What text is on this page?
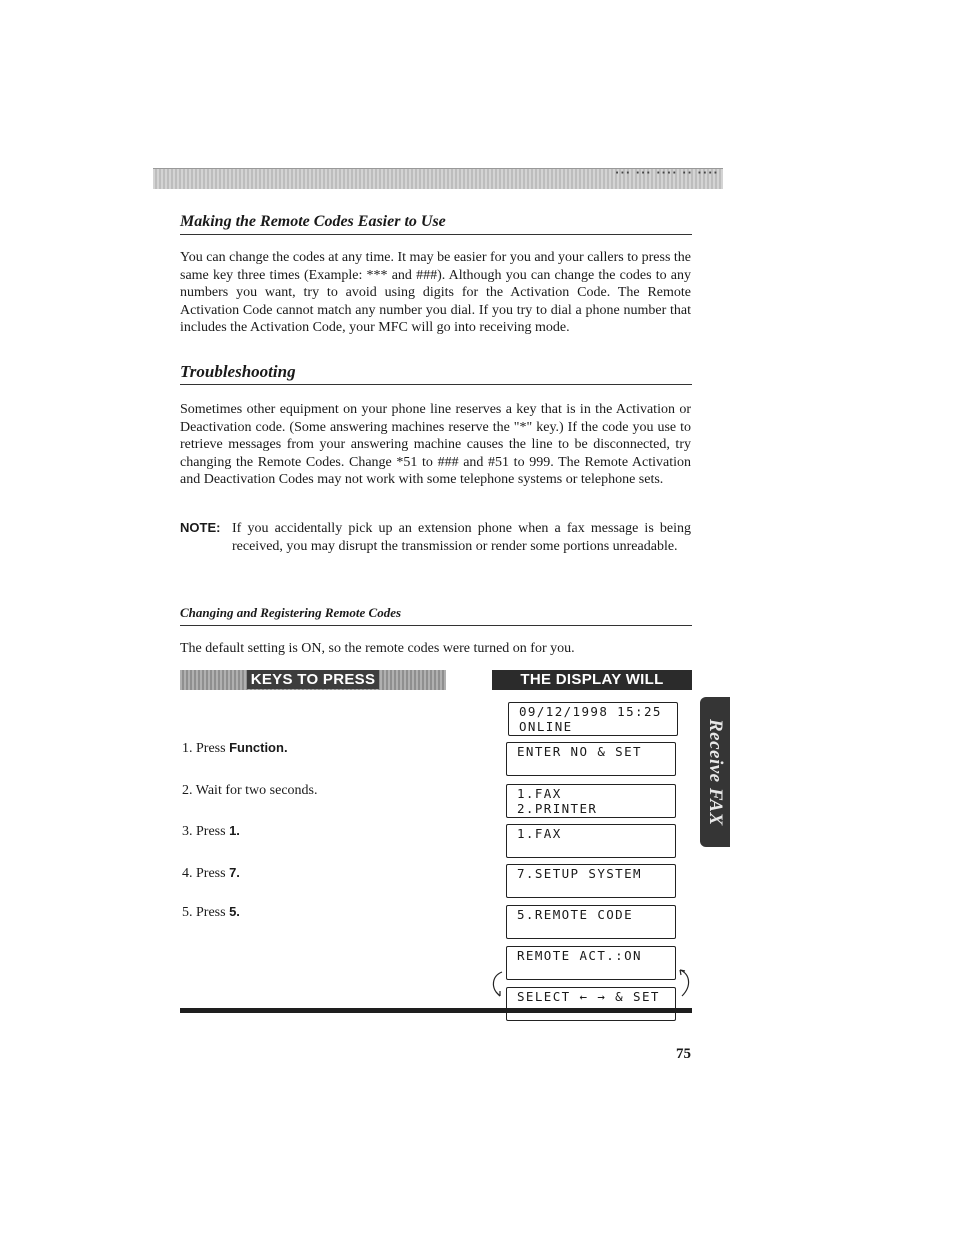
··· ··· ···· ·· ····
Making the Remote Codes Easier to Use
You can change the codes at any time. It may be easier for you and your callers to press the same key three times (Example: *** and ###). Although you can change the codes to any numbers you want, try to avoid using digits for the Activation Code. The Remote Activation Code cannot match any number you dial. If you try to dial a phone number that includes the Activation Code, your MFC will go into receiving mode.
Troubleshooting
Sometimes other equipment on your phone line reserves a key that is in the Activation or Deactivation code. (Some answering machines reserve the "*" key.) If the code you use to retrieve messages from your answering machine causes the line to be disconnected, try changing the Remote Codes. Change *51 to ### and #51 to 999. The Remote Activation and Deactivation Codes may not work with some telephone systems or telephone sets.
NOTE: If you accidentally pick up an extension phone when a fax message is being received, you may disrupt the transmission or render some portions unreadable.
Changing and Registering Remote Codes
The default setting is ON, so the remote codes were turned on for you.
KEYS TO PRESS	THE DISPLAY WILL SHOW:
1. Press Function.
2. Wait for two seconds.
3. Press 1.
4. Press 7.
5. Press 5.
09/12/1998 15:25
ONLINE
ENTER NO & SET
1.FAX
2.PRINTER
1.FAX
7.SETUP SYSTEM
5.REMOTE CODE
REMOTE ACT.:ON
SELECT ← → & SET
Receive FAX
75
